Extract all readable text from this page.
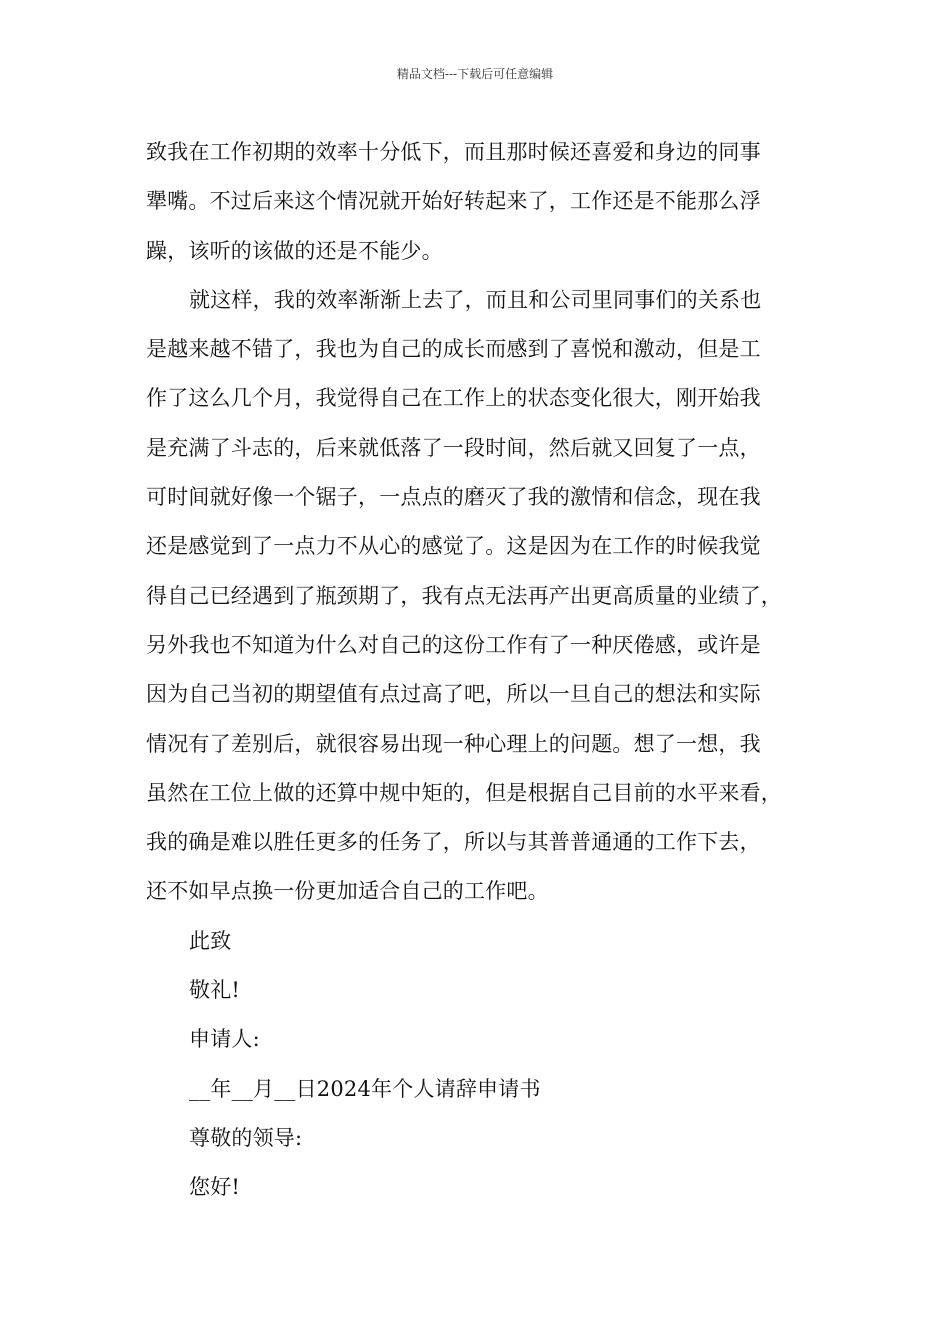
精品文档---下载后可任意编辑
致我在工作初期的效率十分低下，而且那时候还喜爱和身边的同事
犟嘴。不过后来这个情况就开始好转起来了，工作还是不能那么浮
躁，该听的该做的还是不能少。
就这样，我的效率渐渐上去了，而且和公司里同事们的关系也
是越来越不错了，我也为自己的成长而感到了喜悦和激动，但是工
作了这么几个月，我觉得自己在工作上的状态变化很大，刚开始我
是充满了斗志的，后来就低落了一段时间，然后就又回复了一点，
可时间就好像一个锯子，一点点的磨灭了我的激情和信念，现在我
还是感觉到了一点力不从心的感觉了。这是因为在工作的时候我觉
得自己已经遇到了瓶颈期了，我有点无法再产出更高质量的业绩了，
另外我也不知道为什么对自己的这份工作有了一种厌倦感，或许是
因为自己当初的期望值有点过高了吧，所以一旦自己的想法和实际
情况有了差别后，就很容易出现一种心理上的问题。想了一想，我
虽然在工位上做的还算中规中矩的，但是根据自己目前的水平来看，
我的确是难以胜任更多的任务了，所以与其普普通通的工作下去，
还不如早点换一份更加适合自己的工作吧。

此致

敬礼!

申请人:

__年__月__日2024年个人请辞申请书

尊敬的领导:

您好!
